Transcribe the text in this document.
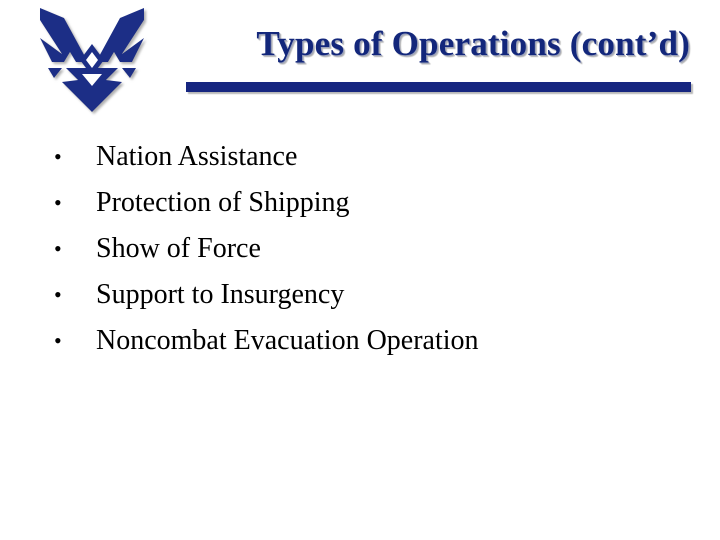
Types of Operations (cont’d)
•	Nation Assistance
•	Protection of Shipping
•	Show of Force
•	Support to Insurgency
•	Noncombat Evacuation Operation
